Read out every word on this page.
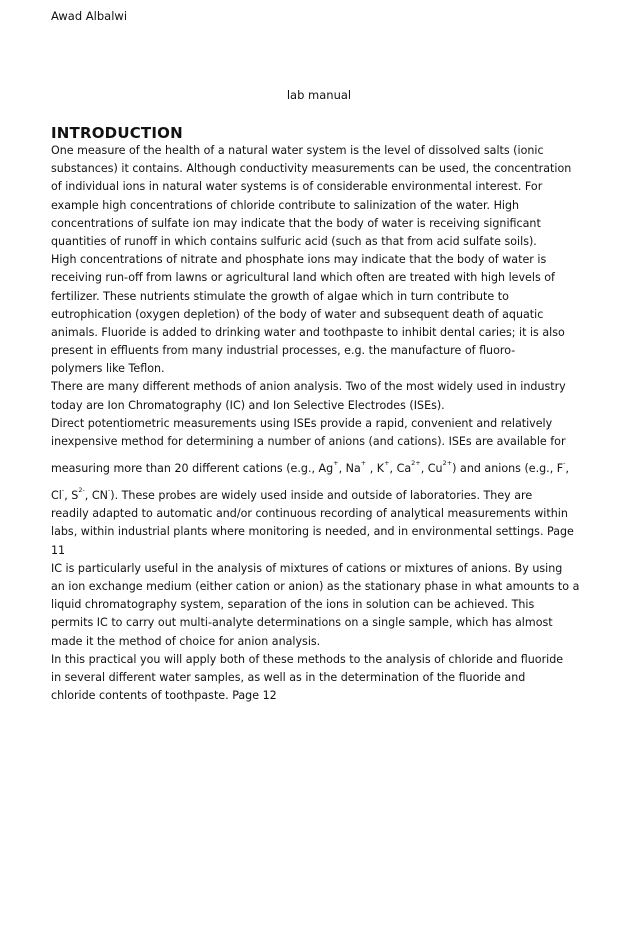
Awad Albalwi
lab manual
INTRODUCTION
One measure of the health of a natural water system is the level of dissolved salts (ionic
substances) it contains. Although conductivity measurements can be used, the concentration
of individual ions in natural water systems is of considerable environmental interest. For
example high concentrations of chloride contribute to salinization of the water. High
concentrations of sulfate ion may indicate that the body of water is receiving significant
quantities of runoff in which contains sulfuric acid (such as that from acid sulfate soils).
High concentrations of nitrate and phosphate ions may indicate that the body of water is
receiving run-off from lawns or agricultural land which often are treated with high levels of
fertilizer. These nutrients stimulate the growth of algae which in turn contribute to
eutrophication (oxygen depletion) of the body of water and subsequent death of aquatic
animals. Fluoride is added to drinking water and toothpaste to inhibit dental caries; it is also
present in effluents from many industrial processes, e.g. the manufacture of fluoro-
polymers like Teflon.
There are many different methods of anion analysis. Two of the most widely used in industry
today are Ion Chromatography (IC) and Ion Selective Electrodes (ISEs).
Direct potentiometric measurements using ISEs provide a rapid, convenient and relatively
inexpensive method for determining a number of anions (and cations). ISEs are available for
measuring more than 20 different cations (e.g., Ag+, Na+ , K+, $Ca^{2+}$, $Cu^{2+}$) and anions (e.g., F-,
Cl-, $S^{2-}$, CN-). These probes are widely used inside and outside of laboratories. They are
readily adapted to automatic and/or continuous recording of analytical measurements within
labs, within industrial plants where monitoring is needed, and in environmental settings. Page
11
IC is particularly useful in the analysis of mixtures of cations or mixtures of anions. By using
an ion exchange medium (either cation or anion) as the stationary phase in what amounts to a
liquid chromatography system, separation of the ions in solution can be achieved. This
permits IC to carry out multi-analyte determinations on a single sample, which has almost
made it the method of choice for anion analysis.
In this practical you will apply both of these methods to the analysis of chloride and fluoride
in several different water samples, as well as in the determination of the fluoride and
chloride contents of toothpaste. Page 12
